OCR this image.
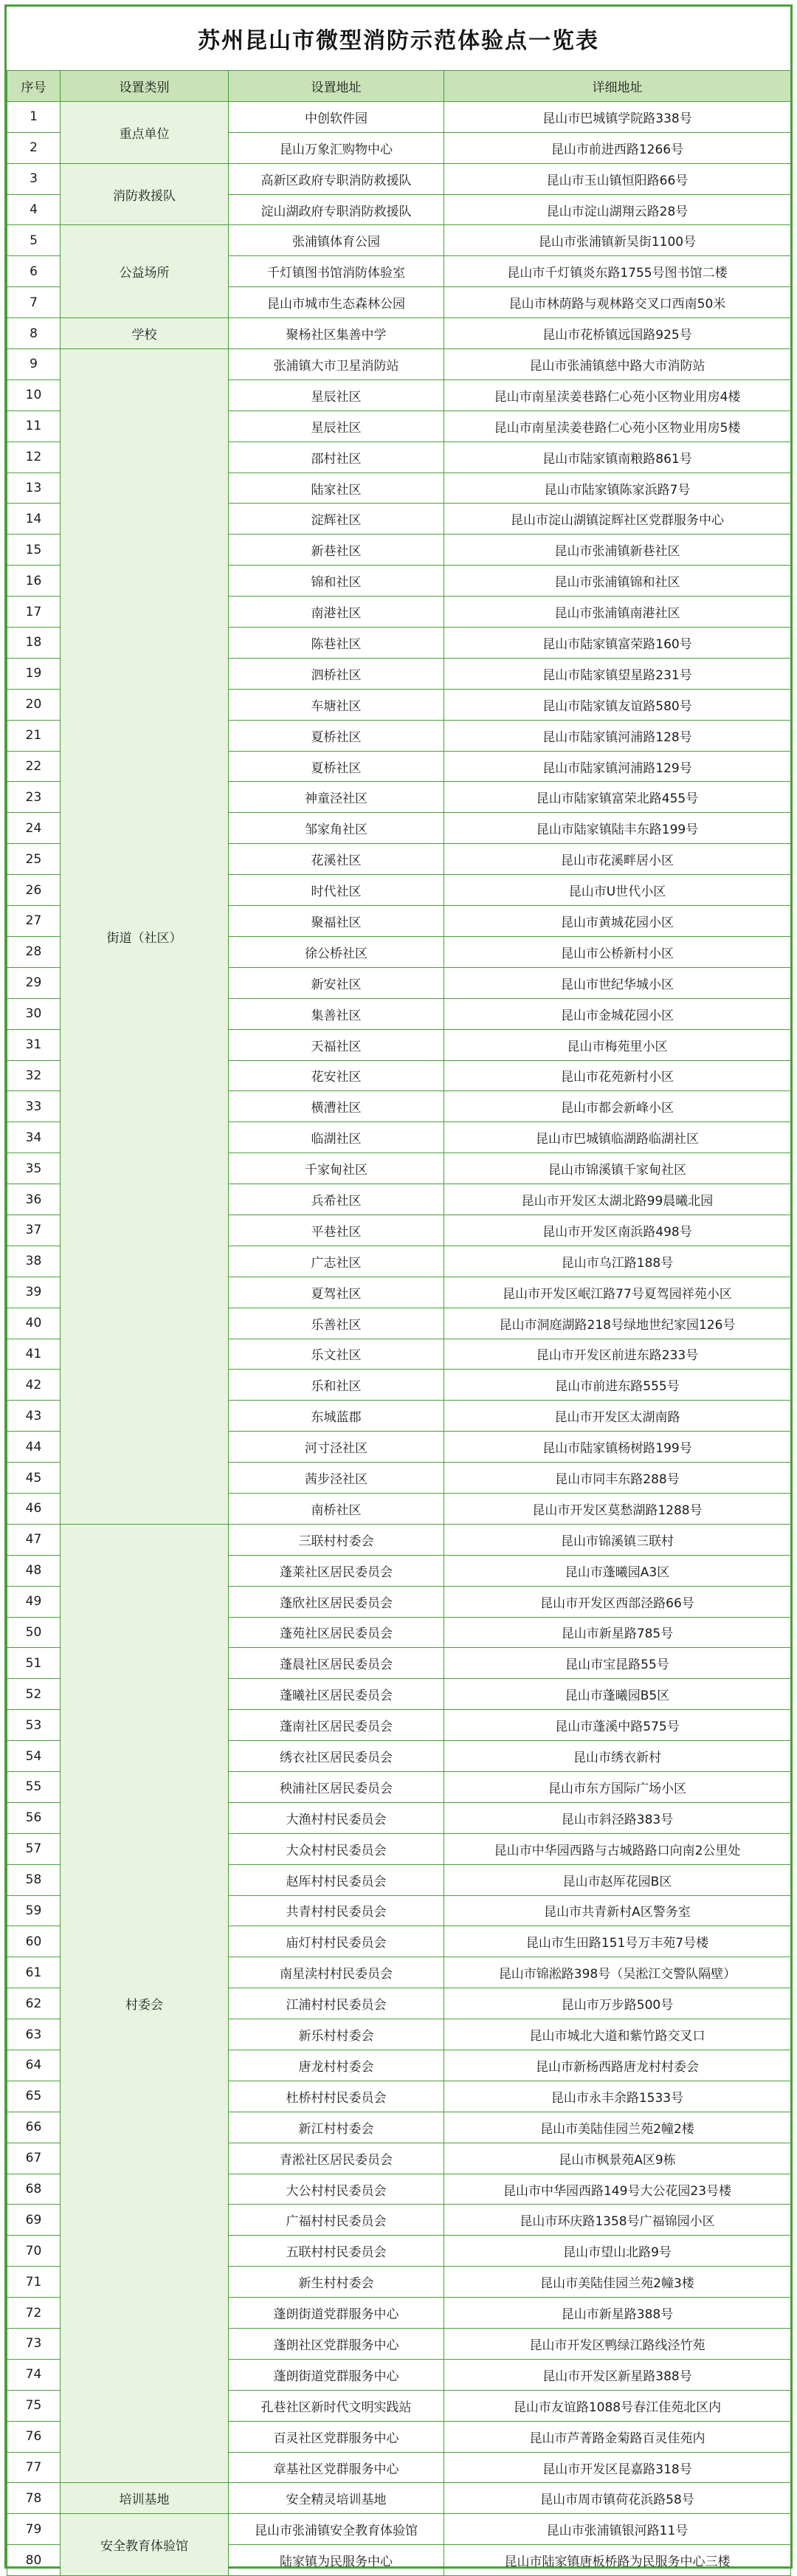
苏州昆山市微型消防示范体验点一览表
序号	设置类别	设置地址	详细地址
1	重点单位	中创软件园	昆山市巴城镇学院路338号
2		昆山万象汇购物中心	昆山市前进西路1266号
3	消防救援队	高新区政府专职消防救援队	昆山市玉山镇恒阳路66号
4		淀山湖政府专职消防救援队	昆山市淀山湖翔云路28号
5	公益场所	张浦镇体育公园	昆山市张浦镇新吴街1100号
6		千灯镇图书馆消防体验室	昆山市千灯镇炎东路1755号图书馆二楼
7		昆山市城市生态森林公园	昆山市林荫路与观林路交叉口西南50米
8	学校	聚杨社区集善中学	昆山市花桥镇远国路925号
9	街道（社区）	张浦镇大市卫星消防站	昆山市张浦镇慈中路大市消防站
10		星辰社区	昆山市南星渎姜巷路仁心苑小区物业用房4楼
11		星辰社区	昆山市南星渎姜巷路仁心苑小区物业用房5楼
12		邵村社区	昆山市陆家镇南粮路861号
13		陆家社区	昆山市陆家镇陈家浜路7号
14		淀辉社区	昆山市淀山湖镇淀辉社区党群服务中心
15		新巷社区	昆山市张浦镇新巷社区
16		锦和社区	昆山市张浦镇锦和社区
17		南港社区	昆山市张浦镇南港社区
18		陈巷社区	昆山市陆家镇富荣路160号
19		泗桥社区	昆山市陆家镇望星路231号
20		车塘社区	昆山市陆家镇友谊路580号
21		夏桥社区	昆山市陆家镇河浦路128号
22		夏桥社区	昆山市陆家镇河浦路129号
23		神童泾社区	昆山市陆家镇富荣北路455号
24		邹家角社区	昆山市陆家镇陆丰东路199号
25		花溪社区	昆山市花溪畔居小区
26		时代社区	昆山市U世代小区
27		聚福社区	昆山市黄城花园小区
28		徐公桥社区	昆山市公桥新村小区
29		新安社区	昆山市世纪华城小区
30		集善社区	昆山市金城花园小区
31		天福社区	昆山市梅苑里小区
32		花安社区	昆山市花苑新村小区
33		横漕社区	昆山市都会新峰小区
34		临湖社区	昆山市巴城镇临湖路临湖社区
35		千家甸社区	昆山市锦溪镇千家甸社区
36		兵希社区	昆山市开发区太湖北路99晨曦北园
37		平巷社区	昆山市开发区南浜路498号
38		广志社区	昆山市乌江路188号
39		夏驾社区	昆山市开发区岷江路77号夏驾园祥苑小区
40		乐善社区	昆山市洞庭湖路218号绿地世纪家园126号
41		乐文社区	昆山市开发区前进东路233号
42		乐和社区	昆山市前进东路555号
43		东城蓝郡	昆山市开发区太湖南路
44		河寸泾社区	昆山市陆家镇杨树路199号
45		茜步泾社区	昆山市同丰东路288号
46		南桥社区	昆山市开发区莫愁湖路1288号
47	村委会	三联村村委会	昆山市锦溪镇三联村
48		蓬莱社区居民委员会	昆山市蓬曦园A3区
49		蓬欣社区居民委员会	昆山市开发区西部泾路66号
50		蓬苑社区居民委员会	昆山市新星路785号
51		蓬晨社区居民委员会	昆山市宝昆路55号
52		蓬曦社区居民委员会	昆山市蓬曦园B5区
53		蓬南社区居民委员会	昆山市蓬溪中路575号
54		绣衣社区居民委员会	昆山市绣衣新村
55		秧浦社区居民委员会	昆山市东方国际广场小区
56		大渔村村民委员会	昆山市斜泾路383号
57		大众村村民委员会	昆山市中华园西路与古城路路口向南2公里处
58		赵厍村村民委员会	昆山市赵厍花园B区
59		共青村村民委员会	昆山市共青新村A区警务室
60		庙灯村村民委员会	昆山市生田路151号万丰苑7号楼
61		南星渎村村民委员会	昆山市锦淞路398号（吴淞江交警队隔壁）
62		江浦村村民委员会	昆山市万步路500号
63		新乐村村委会	昆山市城北大道和紫竹路交叉口
64		唐龙村村委会	昆山市新杨西路唐龙村村委会
65		杜桥村村民委员会	昆山市永丰余路1533号
66		新江村村委会	昆山市美陆佳园兰苑2幢2楼
67		青淞社区居民委员会	昆山市枫景苑A区9栋
68		大公村村民委员会	昆山市中华园西路149号大公花园23号楼
69		广福村村民委员会	昆山市环庆路1358号广福锦园小区
70		五联村村民委员会	昆山市望山北路9号
71		新生村村委会	昆山市美陆佳园兰苑2幢3楼
72		蓬朗街道党群服务中心	昆山市新星路388号
73		蓬朗社区党群服务中心	昆山市开发区鸭绿江路线泾竹苑
74		蓬朗街道党群服务中心	昆山市开发区新星路388号
75		孔巷社区新时代文明实践站	昆山市友谊路1088号春江佳苑北区内
76		百灵社区党群服务中心	昆山市芦菁路金菊路百灵佳苑内
77		章基社区党群服务中心	昆山市开发区昆嘉路318号
78	培训基地	安全精灵培训基地	昆山市周市镇荷花浜路58号
79	安全教育体验馆	昆山市张浦镇安全教育体验馆	昆山市张浦镇银河路11号
80		陆家镇为民服务中心	昆山市陆家镇唐板桥路为民服务中心三楼
